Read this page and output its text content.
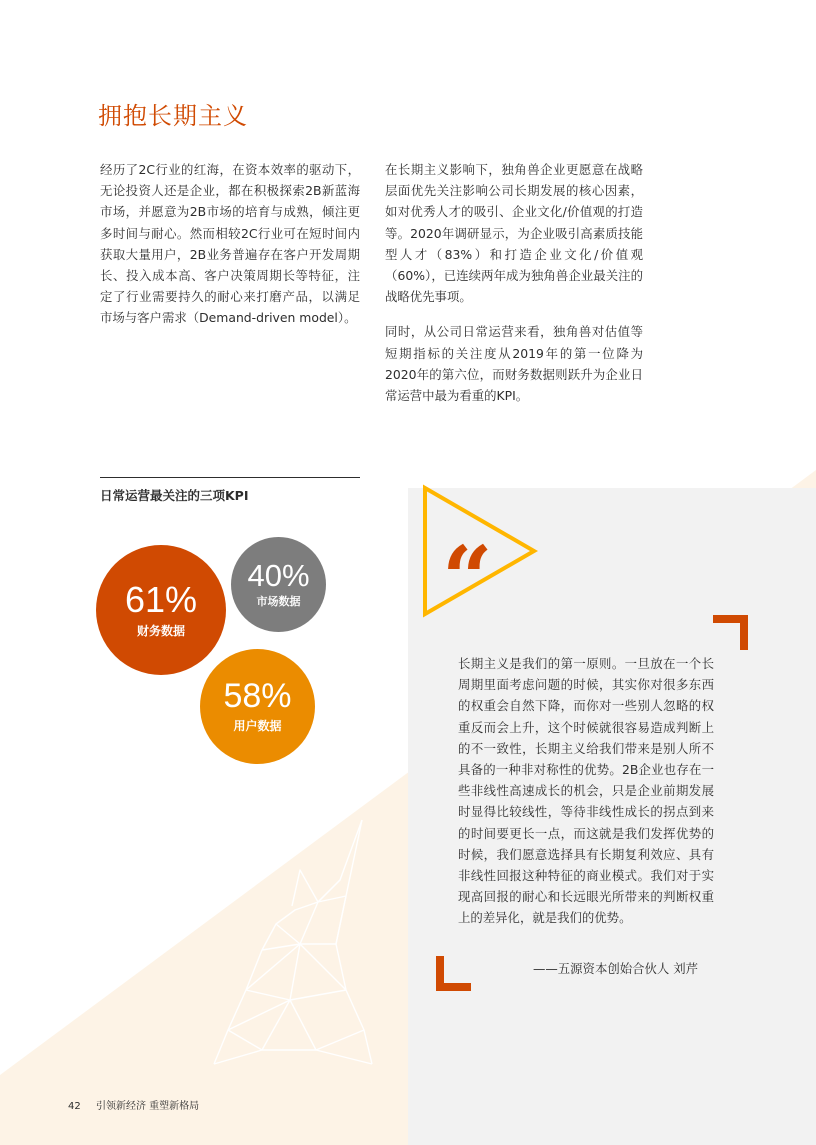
拥抱长期主义

经历了2C行业的红海，在资本效率的驱动下，无论投资人还是企业，都在积极探索2B新蓝海市场，并愿意为2B市场的培育与成熟，倾注更多时间与耐心。然而相较2C行业可在短时间内获取大量用户，2B业务普遍存在客户开发周期长、投入成本高、客户决策周期长等特征，注定了行业需要持久的耐心来打磨产品，以满足市场与客户需求（Demand-driven model）。

在长期主义影响下，独角兽企业更愿意在战略层面优先关注影响公司长期发展的核心因素，如对优秀人才的吸引、企业文化/价值观的打造等。2020年调研显示，为企业吸引高素质技能型人才（83%）和打造企业文化/价值观（60%），已连续两年成为独角兽企业最关注的战略优先事项。

同时，从公司日常运营来看，独角兽对估值等短期指标的关注度从2019年的第一位降为2020年的第六位，而财务数据则跃升为企业日常运营中最为看重的KPI。

日常运营最关注的三项KPI
61%
财务数据
40%
市场数据
58%
用户数据
“
长期主义是我们的第一原则。一旦放在一个长周期里面考虑问题的时候，其实你对很多东西的权重会自然下降，而你对一些别人忽略的权重反而会上升，这个时候就很容易造成判断上的不一致性，长期主义给我们带来是别人所不具备的一种非对称性的优势。2B企业也存在一些非线性高速成长的机会，只是企业前期发展时显得比较线性，等待非线性成长的拐点到来的时间要更长一点，而这就是我们发挥优势的时候，我们愿意选择具有长期复利效应、具有非线性回报这种特征的商业模式。我们对于实现高回报的耐心和长远眼光所带来的判断权重上的差异化，就是我们的优势。
——五源资本创始合伙人 刘芹
42 引领新经济 重塑新格局
